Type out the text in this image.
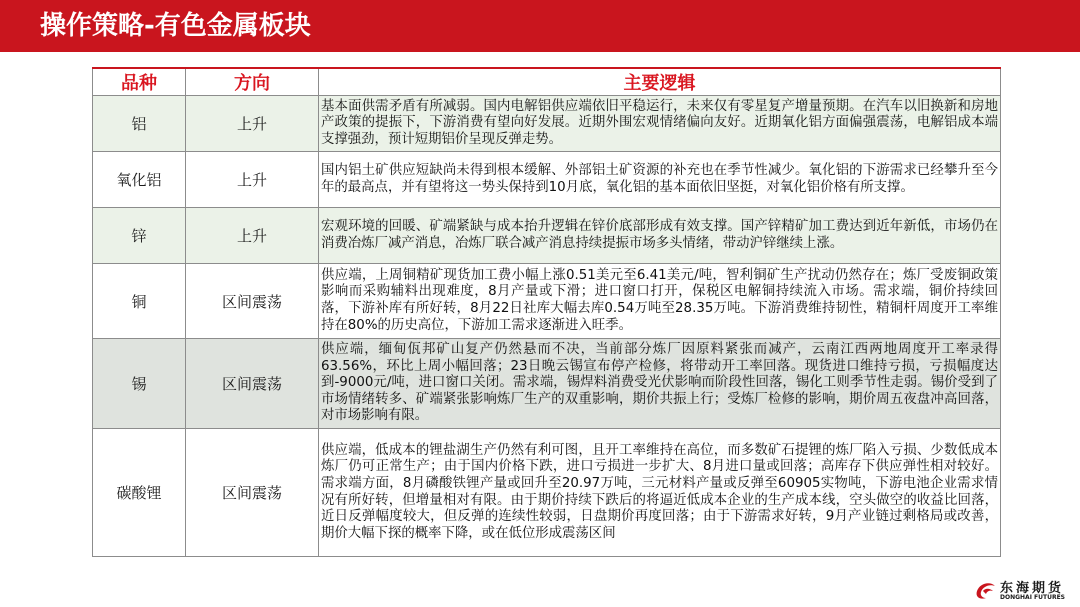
操作策略-有色金属板块
品种	方向	主要逻辑
铝	上升	基本面供需矛盾有所减弱。国内电解铝供应端依旧平稳运行，未来仅有零星复产增量预期。在汽车以旧换新和房地产政策的提振下，下游消费有望向好发展。近期外围宏观情绪偏向友好。近期氧化铝方面偏强震荡，电解铝成本端支撑强劲，预计短期铝价呈现反弹走势。
氧化铝	上升	国内铝土矿供应短缺尚未得到根本缓解、外部铝土矿资源的补充也在季节性减少。氧化铝的下游需求已经攀升至今年的最高点，并有望将这一势头保持到10月底，氧化铝的基本面依旧坚挺，对氧化铝价格有所支撑。
锌	上升	宏观环境的回暖、矿端紧缺与成本抬升逻辑在锌价底部形成有效支撑。国产锌精矿加工费达到近年新低，市场仍在消费冶炼厂减产消息，冶炼厂联合减产消息持续提振市场多头情绪，带动沪锌继续上涨。
铜	区间震荡	供应端，上周铜精矿现货加工费小幅上涨0.51美元至6.41美元/吨，智利铜矿生产扰动仍然存在；炼厂受废铜政策影响而采购辅料出现难度，8月产量或下滑；进口窗口打开，保税区电解铜持续流入市场。需求端，铜价持续回落，下游补库有所好转，8月22日社库大幅去库0.54万吨至28.35万吨。下游消费维持韧性，精铜杆周度开工率维持在80%的历史高位，下游加工需求逐渐进入旺季。
锡	区间震荡	供应端，缅甸佤邦矿山复产仍然悬而不决，当前部分炼厂因原料紧张而减产，云南江西两地周度开工率录得63.56%，环比上周小幅回落；23日晚云锡宣布停产检修，将带动开工率回落。现货进口维持亏损，亏损幅度达到-9000元/吨，进口窗口关闭。需求端，锡焊料消费受光伏影响而阶段性回落，锡化工则季节性走弱。锡价受到了市场情绪转多、矿端紧张影响炼厂生产的双重影响，期价共振上行；受炼厂检修的影响，期价周五夜盘冲高回落，对市场影响有限。
碳酸锂	区间震荡	供应端，低成本的锂盐湖生产仍然有利可图，且开工率维持在高位，而多数矿石提锂的炼厂陷入亏损、少数低成本炼厂仍可正常生产；由于国内价格下跌，进口亏损进一步扩大、8月进口量或回落；高库存下供应弹性相对较好。需求端方面，8月磷酸铁锂产量或回升至20.97万吨，三元材料产量或反弹至60905实物吨，下游电池企业需求情况有所好转，但增量相对有限。由于期价持续下跌后的将逼近低成本企业的生产成本线，空头做空的收益比回落，近日反弹幅度较大，但反弹的连续性较弱，日盘期价再度回落；由于下游需求好转，9月产业链过剩格局或改善，期价大幅下探的概率下降，或在低位形成震荡区间
东海期货
DONGHAI FUTURES
